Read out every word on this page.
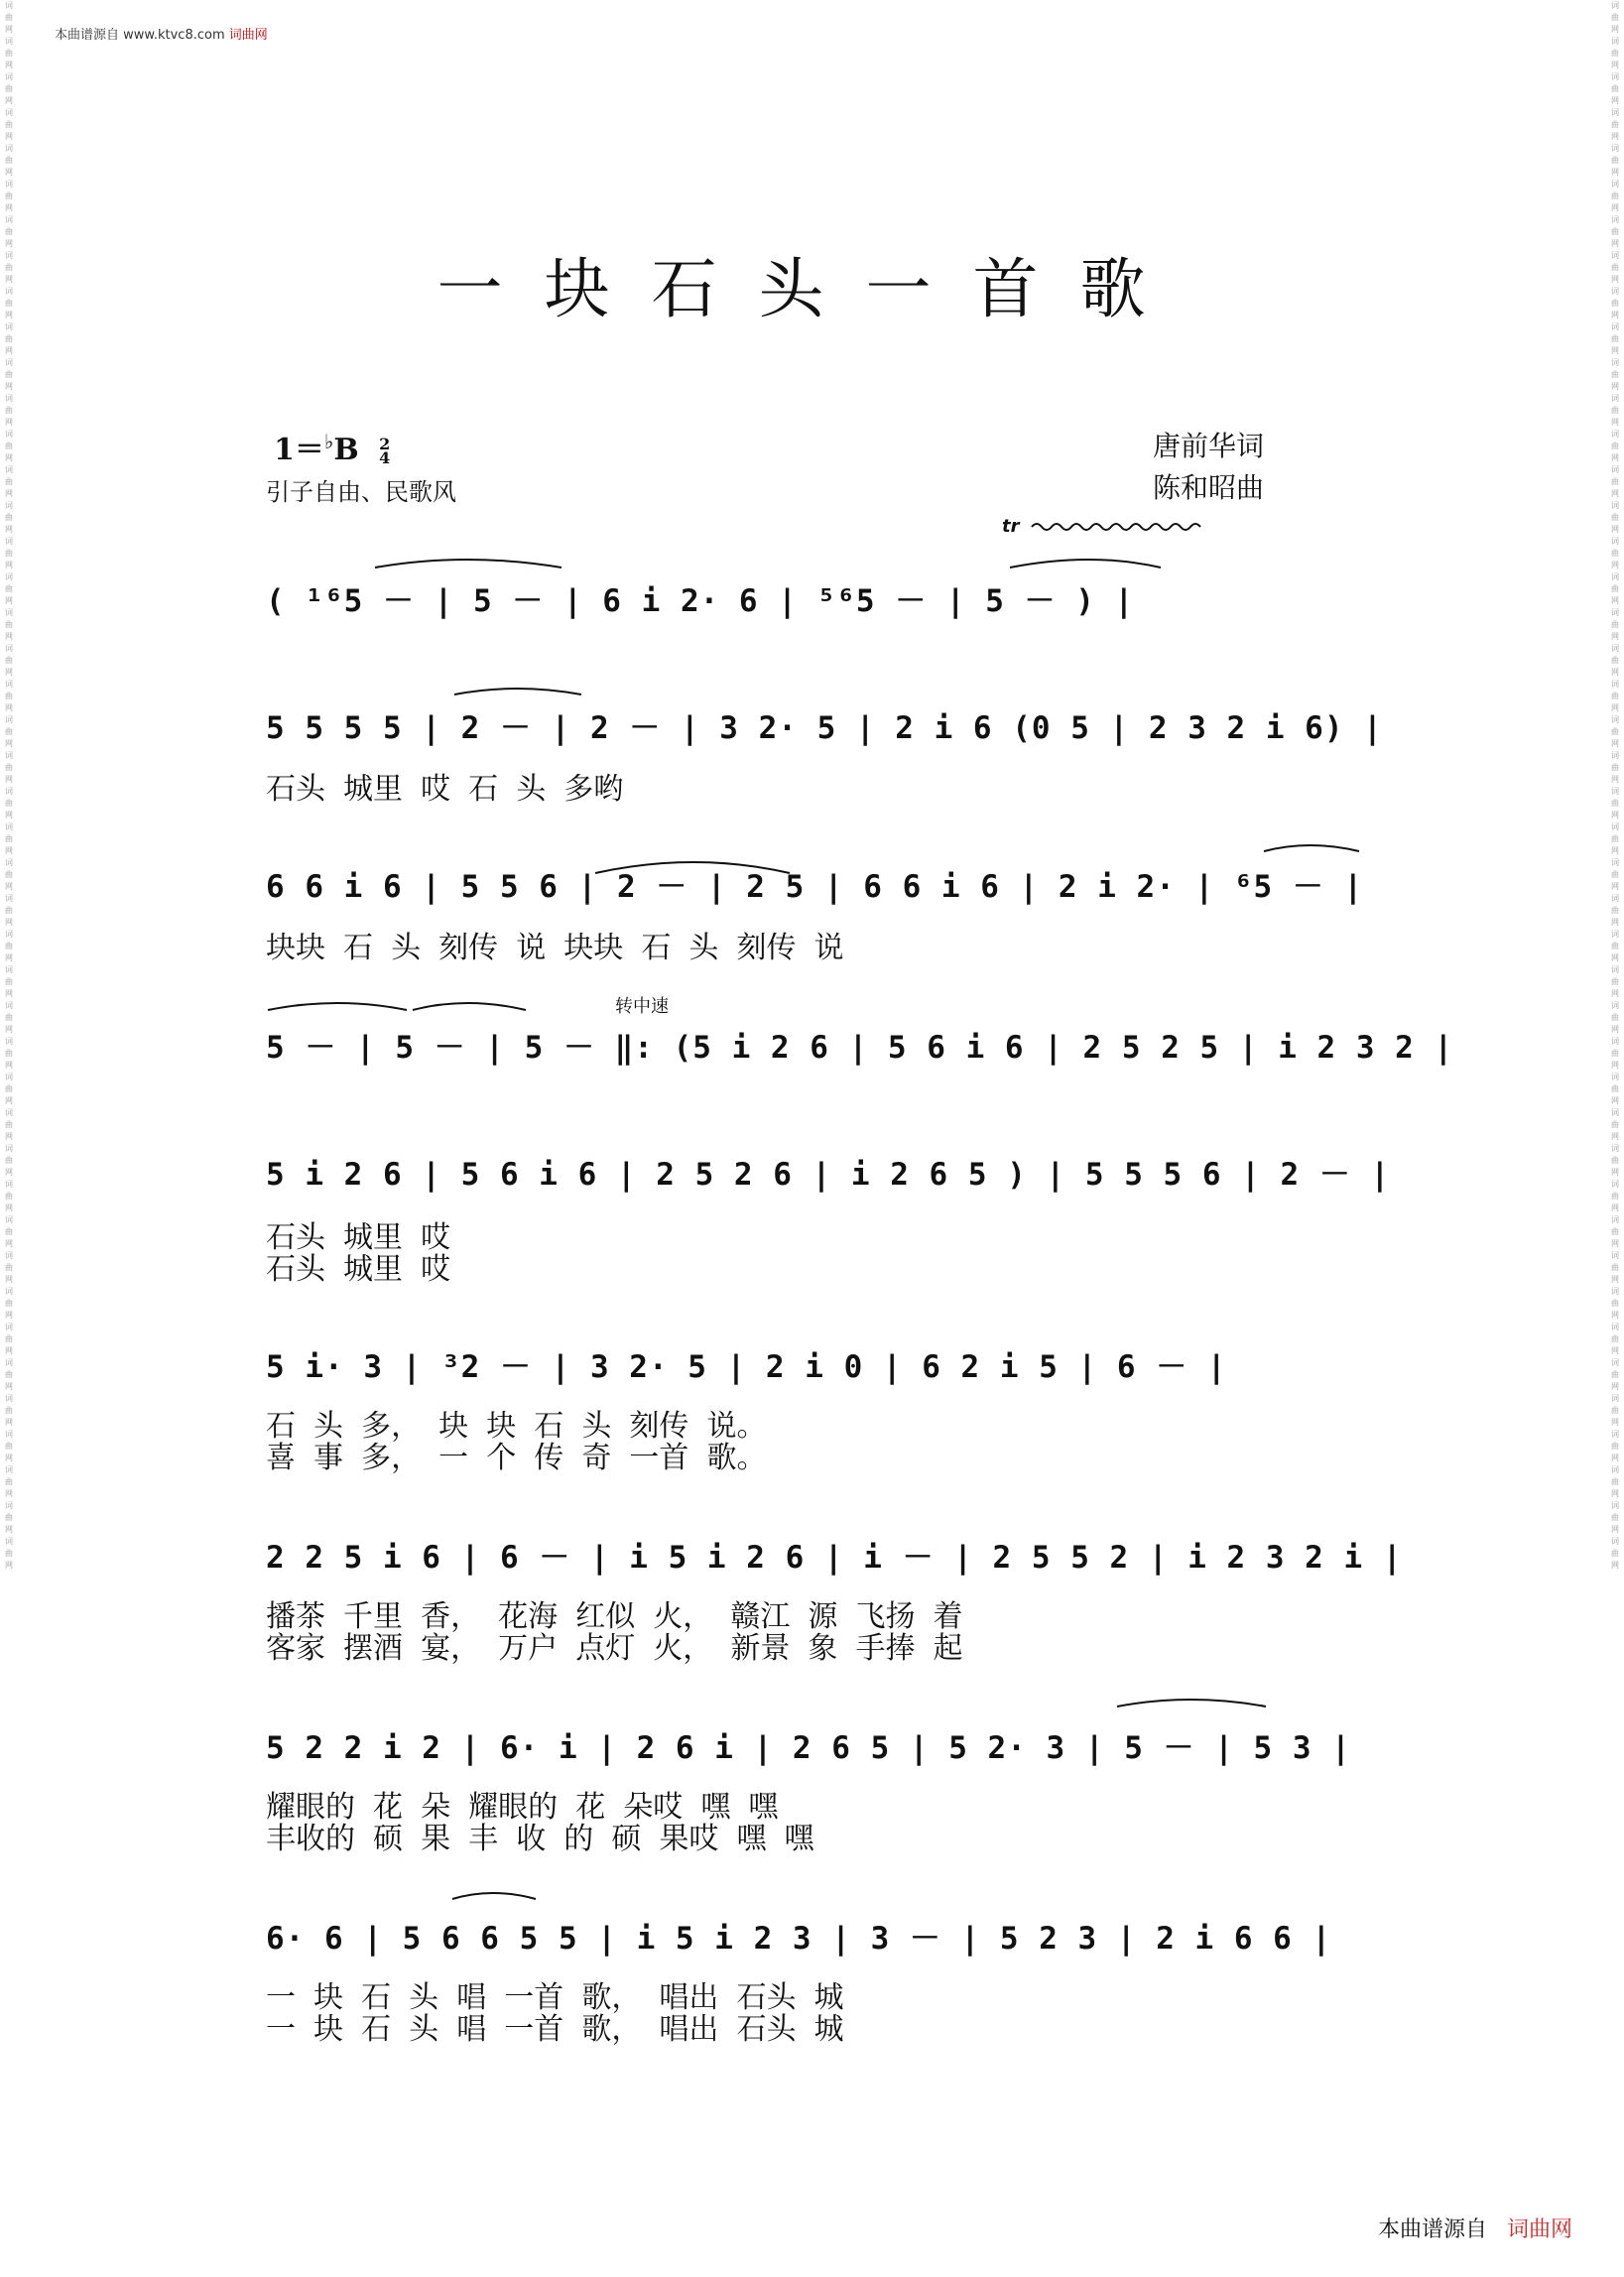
本曲谱源自 www.ktvc8.com 词曲网
词曲网词曲网词曲网词曲网词曲网词曲网词曲网词曲网词曲网词曲网词曲网词曲网词曲网词曲网词曲网词曲网词曲网词曲网词曲网词曲网词曲网词曲网词曲网词曲网词曲网词曲网词曲网词曲网词曲网词曲网词曲网词曲网词曲网词曲网词曲网词曲网词曲网词曲网词曲网词曲网词曲网词曲网词曲网词曲网
词曲网词曲网词曲网词曲网词曲网词曲网词曲网词曲网词曲网词曲网词曲网词曲网词曲网词曲网词曲网词曲网词曲网词曲网词曲网词曲网词曲网词曲网词曲网词曲网词曲网词曲网词曲网词曲网词曲网词曲网词曲网词曲网词曲网词曲网词曲网词曲网词曲网词曲网词曲网词曲网词曲网词曲网词曲网词曲网
一块石头一首歌
1＝♭B 2
4
引子自由、民歌风
唐前华词
陈和昭曲
tr
转中速
( ¹⁶5 － | 5 － | 6 i 2· 6 | ⁵⁶5 － | 5 － ) |
5 5 5 5 | 2 － | 2 － | 3 2· 5 | 2 i 6 (0 5 | 2 3 2 i 6) |
石头 城里 哎 石 头 多哟
6 6 i 6 | 5 5 6 | 2 － | 2 5 | 6 6 i 6 | 2 i 2· | ⁶5 － |
块块 石 头 刻传 说 块块 石 头 刻传 说
5 － | 5 － | 5 － ‖: (5 i 2 6 | 5 6 i 6 | 2 5 2 5 | i 2 3 2 |
5 i 2 6 | 5 6 i 6 | 2 5 2 6 | i 2 6 5 ) | 5 5 5 6 | 2 － |
石头 城里 哎
石头 城里 哎
5 i· 3 | ³2 － | 3 2· 5 | 2 i 0 | 6 2 i 5 | 6 － |
石 头 多， 块 块 石 头 刻传 说。
喜 事 多， 一 个 传 奇 一首 歌。
2 2 5 i 6 | 6 － | i 5 i 2 6 | i － | 2 5 5 2 | i 2 3 2 i |
播茶 千里 香， 花海 红似 火， 赣江 源 飞扬 着
客家 摆酒 宴， 万户 点灯 火， 新景 象 手捧 起
5 2 2 i 2 | 6· i | 2 6 i | 2 6 5 | 5 2· 3 | 5 － | 5 3 |
耀眼的 花 朵 耀眼的 花 朵哎 嘿 嘿
丰收的 硕 果 丰 收 的 硕 果哎 嘿 嘿
6· 6 | 5 6 6 5 5 | i 5 i 2 3 | 3 － | 5 2 3 | 2 i 6 6 |
一 块 石 头 唱 一首 歌， 唱出 石头 城
一 块 石 头 唱 一首 歌， 唱出 石头 城
本曲谱源自 词曲网
